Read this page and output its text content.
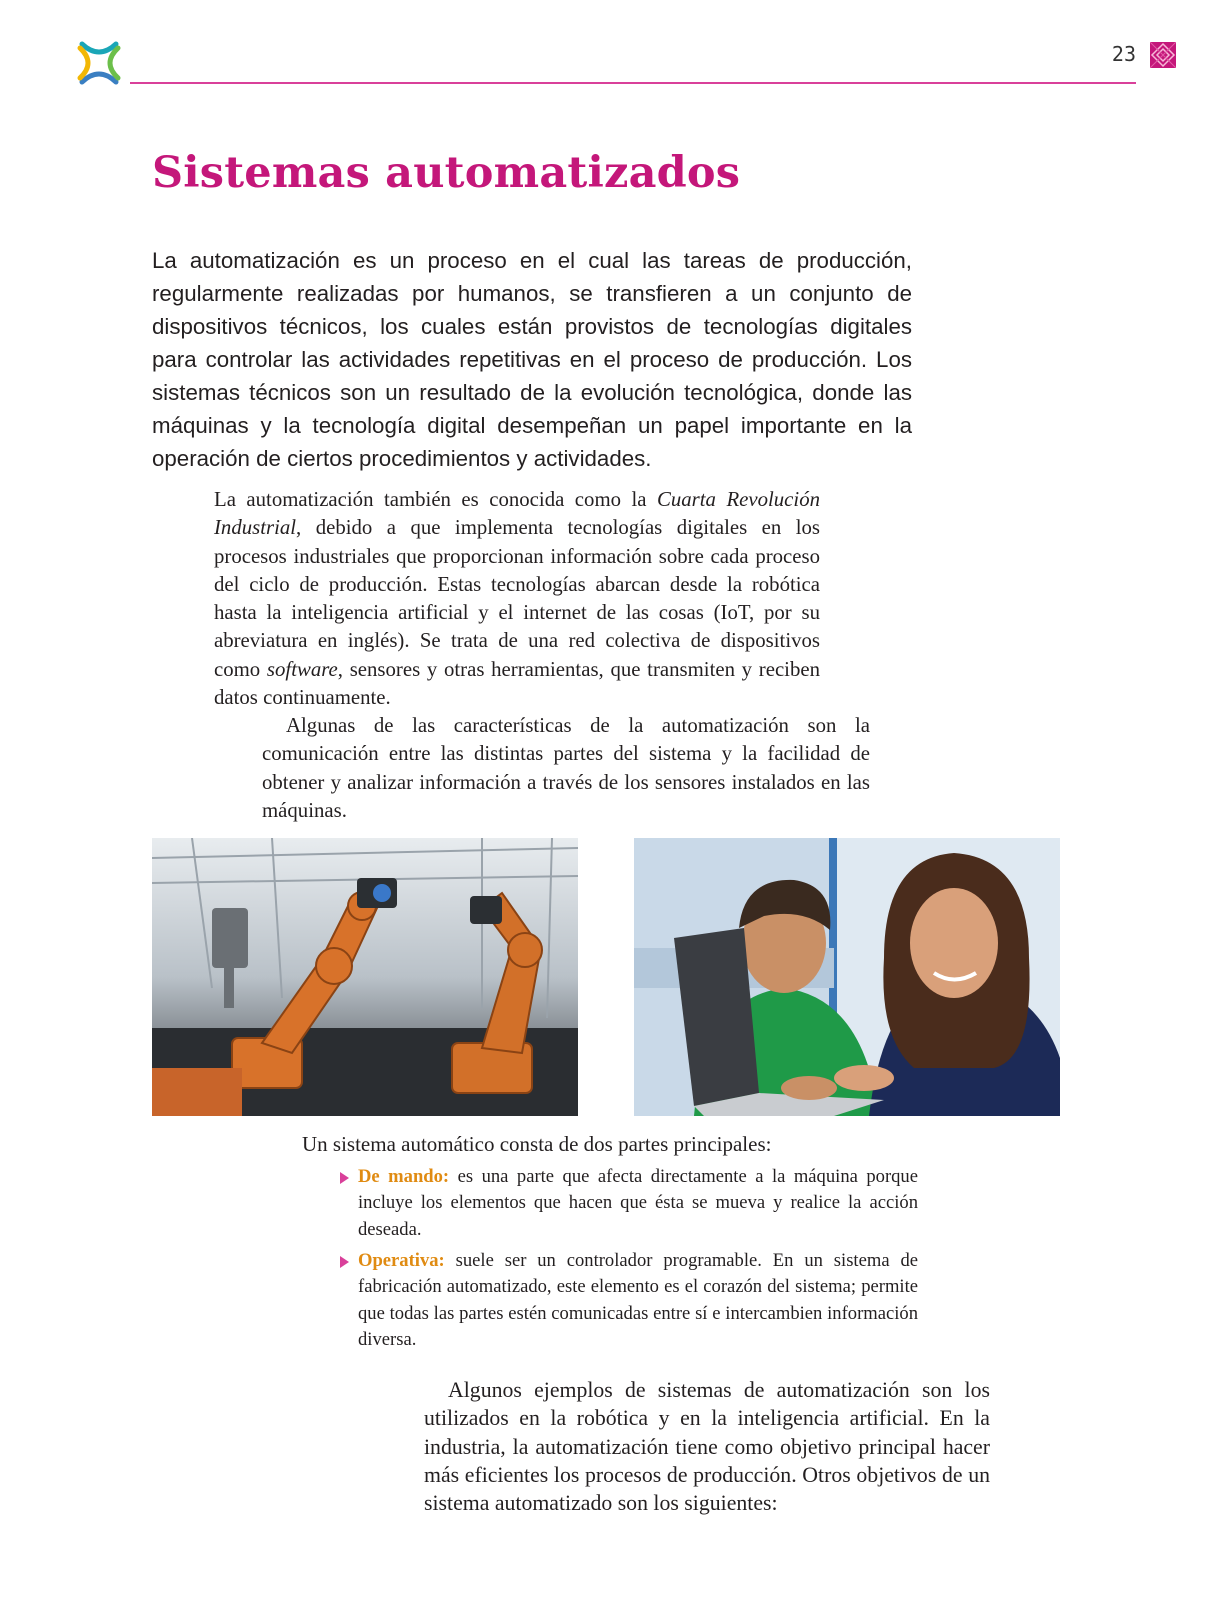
23
Sistemas automatizados

La automatización es un proceso en el cual las tareas de producción, regularmente realizadas por humanos, se transfieren a un conjunto de dispositivos técnicos, los cuales están provistos de tecnologías digitales para controlar las actividades repetitivas en el proceso de producción. Los sistemas técnicos son un resultado de la evolución tecnológica, donde las máquinas y la tecnología digital desempeñan un papel importante en la operación de ciertos procedimientos y actividades.

La automatización también es conocida como la Cuarta Revolución Industrial, debido a que implementa tecnologías digitales en los procesos industriales que proporcionan información sobre cada proceso del ciclo de producción. Estas tecnologías abarcan desde la robótica hasta la inteligencia artificial y el internet de las cosas (IoT, por su abreviatura en inglés). Se trata de una red colectiva de dispositivos como software, sensores y otras herramientas, que transmiten y reciben datos continuamente.

Algunas de las características de la automatización son la comunicación entre las distintas partes del sistema y la facilidad de obtener y analizar información a través de los sensores instalados en las máquinas.

Un sistema automático consta de dos partes principales:

De mando: es una parte que afecta directamente a la máquina porque incluye los elementos que hacen que ésta se mueva y realice la acción deseada.

Operativa: suele ser un controlador programable. En un sistema de fabricación automatizado, este elemento es el corazón del sistema; permite que todas las partes estén comunicadas entre sí e intercambien información diversa.

Algunos ejemplos de sistemas de automatización son los utilizados en la robótica y en la inteligencia artificial. En la industria, la automatización tiene como objetivo principal hacer más eficientes los procesos de producción. Otros objetivos de un sistema automatizado son los siguientes:
